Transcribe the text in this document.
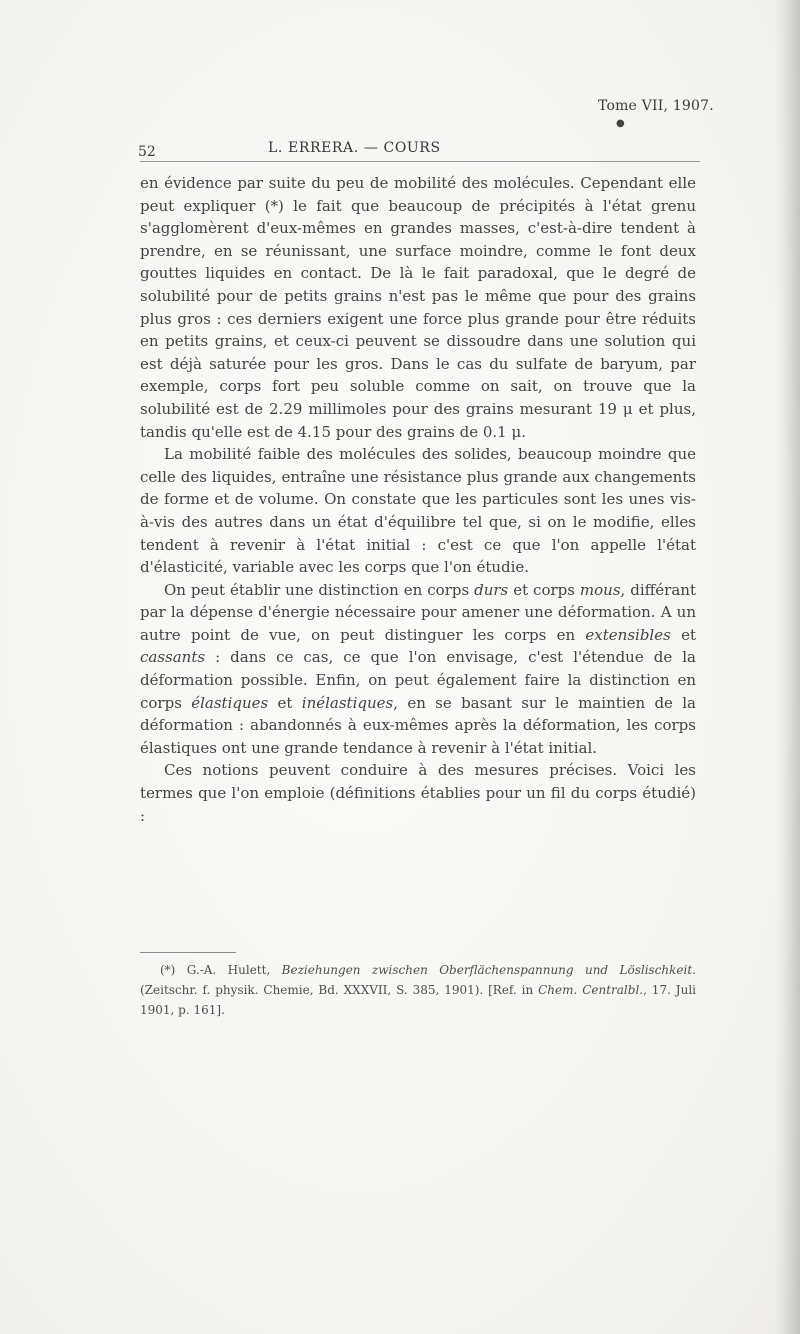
Tome VII, 1907.
●
52	L. ERRERA. — COURS

en évidence par suite du peu de mobilité des molécules. Cependant elle peut expliquer (*) le fait que beaucoup de précipités à l'état grenu s'agglomèrent d'eux-mêmes en grandes masses, c'est-à-dire tendent à prendre, en se réunissant, une surface moindre, comme le font deux gouttes liquides en contact. De là le fait paradoxal, que le degré de solubilité pour de petits grains n'est pas le même que pour des grains plus gros : ces derniers exigent une force plus grande pour être réduits en petits grains, et ceux-ci peuvent se dissoudre dans une solution qui est déjà saturée pour les gros. Dans le cas du sulfate de baryum, par exemple, corps fort peu soluble comme on sait, on trouve que la solubilité est de 2.29 millimoles pour des grains mesurant 19 μ et plus, tandis qu'elle est de 4.15 pour des grains de 0.1 μ.

La mobilité faible des molécules des solides, beaucoup moindre que celle des liquides, entraîne une résistance plus grande aux changements de forme et de volume. On constate que les particules sont les unes vis-à-vis des autres dans un état d'équilibre tel que, si on le modifie, elles tendent à revenir à l'état initial : c'est ce que l'on appelle l'état d'élasticité, variable avec les corps que l'on étudie.

On peut établir une distinction en corps durs et corps mous, différant par la dépense d'énergie nécessaire pour amener une déformation. A un autre point de vue, on peut distinguer les corps en extensibles et cassants : dans ce cas, ce que l'on envisage, c'est l'étendue de la déformation possible. Enfin, on peut également faire la distinction en corps élastiques et inélastiques, en se basant sur le maintien de la déformation : abandonnés à eux-mêmes après la déformation, les corps élastiques ont une grande tendance à revenir à l'état initial.

Ces notions peuvent conduire à des mesures précises. Voici les termes que l'on emploie (définitions établies pour un fil du corps étudié) :

(*) G.-A. Hulett, Beziehungen zwischen Oberflächenspannung und Löslischkeit. (Zeitschr. f. physik. Chemie, Bd. XXXVII, S. 385, 1901). [Ref. in Chem. Centralbl., 17. Juli 1901, p. 161].
